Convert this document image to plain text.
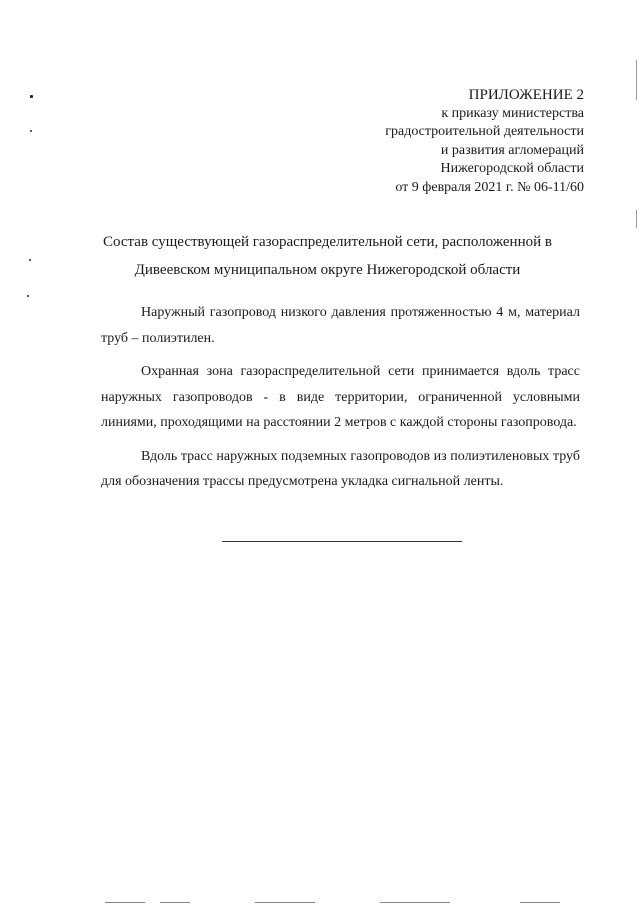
ПРИЛОЖЕНИЕ 2
к приказу министерства
градостроительной деятельности
и развития агломераций
Нижегородской области
от 9 февраля 2021 г. № 06-11/60
Состав существующей газораспределительной сети, расположенной в
Дивеевском муниципальном округе Нижегородской области

Наружный газопровод низкого давления протяженностью 4 м, материал труб – полиэтилен.

Охранная зона газораспределительной сети принимается вдоль трасс наружных газопроводов - в виде территории, ограниченной условными линиями, проходящими на расстоянии 2 метров с каждой стороны газопровода.

Вдоль трасс наружных подземных газопроводов из полиэтиленовых труб для обозначения трассы предусмотрена укладка сигнальной ленты.
